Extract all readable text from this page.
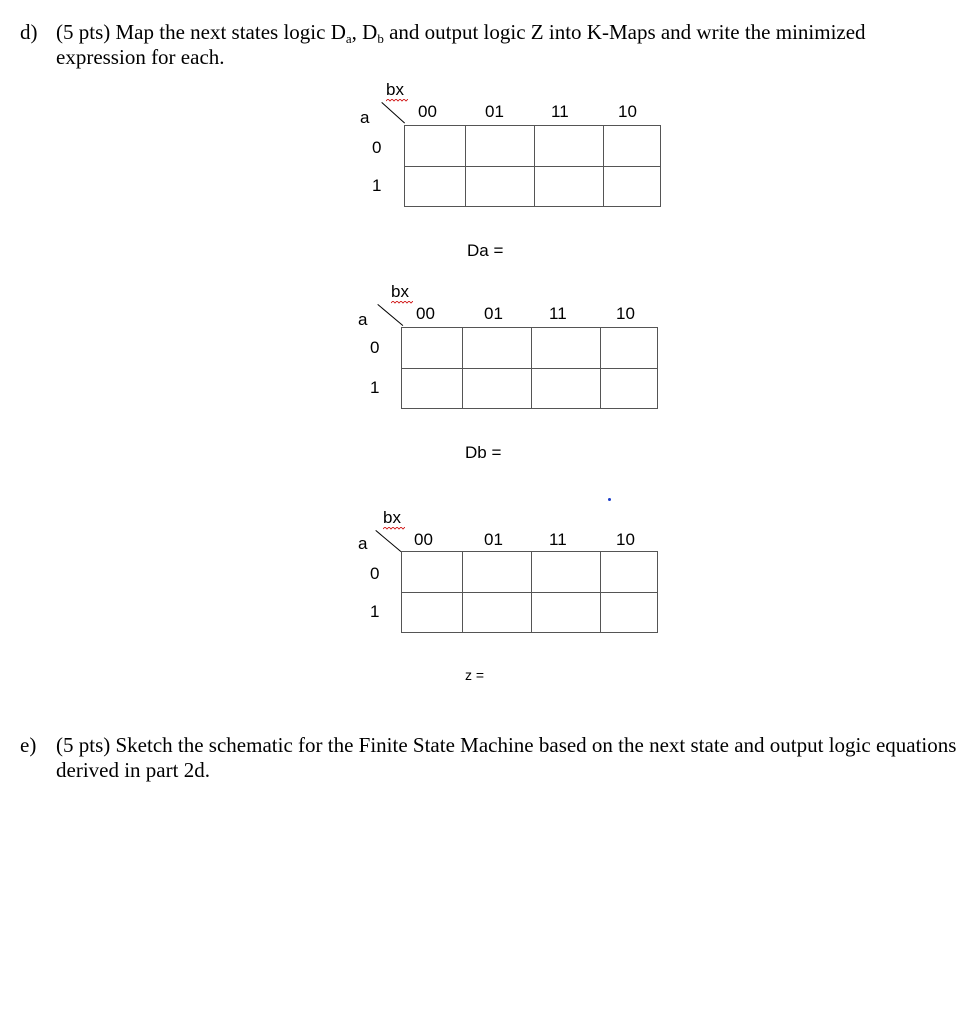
d) (5 pts) Map the next states logic $D_a$, $D_b$ and output logic Z into K-Maps and write the minimized expression for each.
bx
a	00	01	11	10
0
1

Da =
bx
a	00	01	11	10
0
1

Db =
bx
a	00	01	11	10
0
1

z =
e) (5 pts) Sketch the schematic for the Finite State Machine based on the next state and output logic equations derived in part 2d.
